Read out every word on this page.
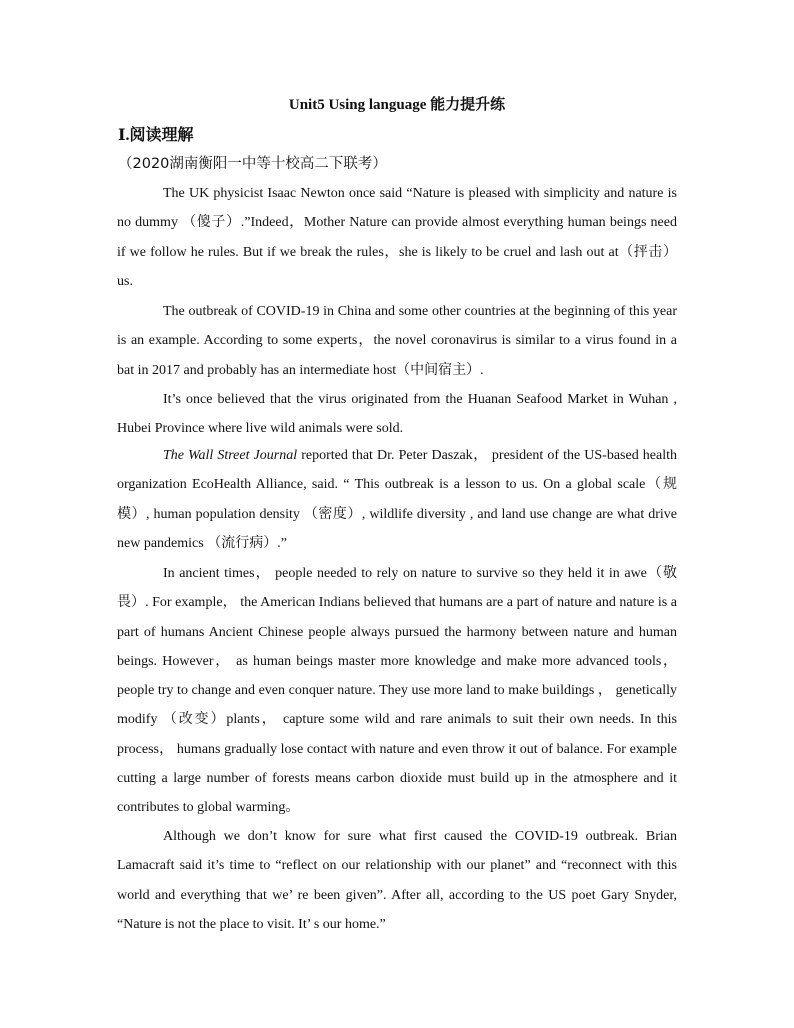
Unit5 Using language 能力提升练
Ⅰ.阅读理解
（2020湖南衡阳一中等十校高二下联考）

The UK physicist Isaac Newton once said “Nature is pleased with simplicity and nature is no dummy （傻子）.”Indeed，Mother Nature can provide almost everything human beings need if we follow he rules. But if we break the rules，she is likely to be cruel and lash out at（抨击）us.

The outbreak of COVID-19 in China and some other countries at the beginning of this year is an example. According to some experts，the novel coronavirus is similar to a virus found in a bat in 2017 and probably has an intermediate host（中间宿主）.

It’s once believed that the virus originated from the Huanan Seafood Market in Wuhan , Hubei Province where live wild animals were sold.

The Wall Street Journal reported that Dr. Peter Daszak， president of the US-based health organization EcoHealth Alliance, said. “ This outbreak is a lesson to us. On a global scale（规模）, human population density （密度）, wildlife diversity , and land use change are what drive new pandemics （流行病）.”

In ancient times， people needed to rely on nature to survive so they held it in awe（敬畏）. For example， the American Indians believed that humans are a part of nature and nature is a part of humans Ancient Chinese people always pursued the harmony between nature and human beings. However， as human beings master more knowledge and make more advanced tools， people try to change and even conquer nature. They use more land to make buildings ， genetically modify （改变）plants， capture some wild and rare animals to suit their own needs. In this process， humans gradually lose contact with nature and even throw it out of balance. For example cutting a large number of forests means carbon dioxide must build up in the atmosphere and it contributes to global warming。

Although we don’t know for sure what first caused the COVID-19 outbreak. Brian Lamacraft said it’s time to “reflect on our relationship with our planet” and “reconnect with this world and everything that we’ re been given”. After all, according to the US poet Gary Snyder, “Nature is not the place to visit. It’ s our home.”
